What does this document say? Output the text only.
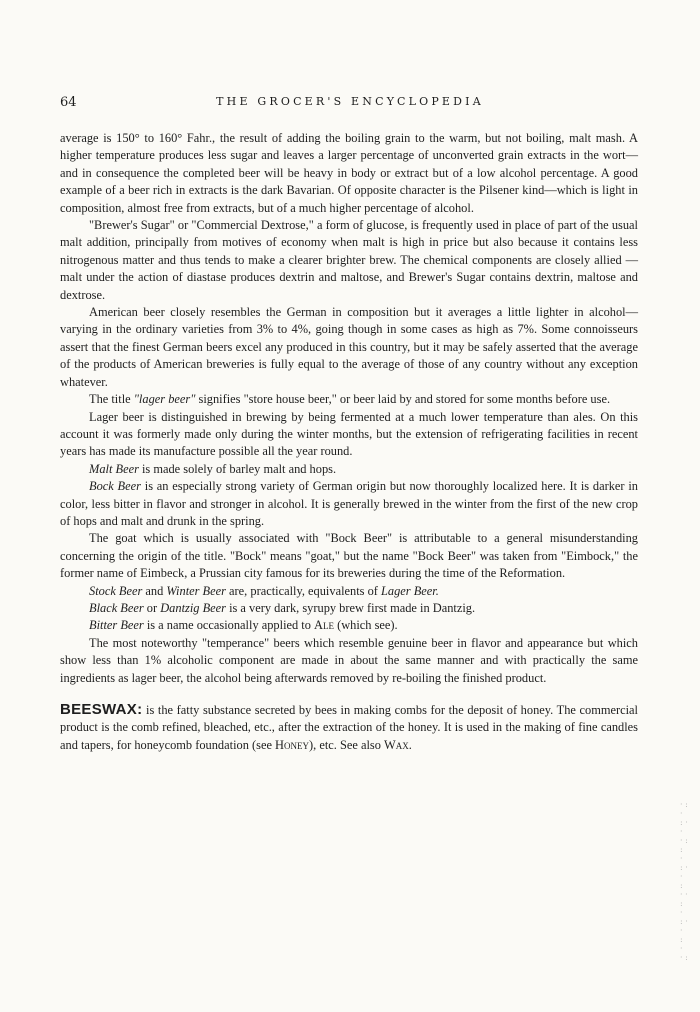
64	THE GROCER'S ENCYCLOPEDIA

average is 150° to 160° Fahr., the result of adding the boiling grain to the warm, but not boiling, malt mash. A higher temperature produces less sugar and leaves a larger percentage of unconverted grain extracts in the wort—and in consequence the completed beer will be heavy in body or extract but of a low alcohol percentage. A good example of a beer rich in extracts is the dark Bavarian. Of opposite character is the Pilsener kind—which is light in composition, almost free from extracts, but of a much higher percentage of alcohol.

"Brewer's Sugar" or "Commercial Dextrose," a form of glucose, is frequently used in place of part of the usual malt addition, principally from motives of economy when malt is high in price but also because it contains less nitrogenous matter and thus tends to make a clearer brighter brew. The chemical components are closely allied —malt under the action of diastase produces dextrin and maltose, and Brewer's Sugar contains dextrin, maltose and dextrose.

American beer closely resembles the German in composition but it averages a little lighter in alcohol—varying in the ordinary varieties from 3% to 4%, going though in some cases as high as 7%. Some connoisseurs assert that the finest German beers excel any produced in this country, but it may be safely asserted that the average of the products of American breweries is fully equal to the average of those of any country without any exception whatever.

The title "lager beer" signifies "store house beer," or beer laid by and stored for some months before use.

Lager beer is distinguished in brewing by being fermented at a much lower temperature than ales. On this account it was formerly made only during the winter months, but the extension of refrigerating facilities in recent years has made its manufacture possible all the year round.

Malt Beer is made solely of barley malt and hops.

Bock Beer is an especially strong variety of German origin but now thoroughly localized here. It is darker in color, less bitter in flavor and stronger in alcohol. It is generally brewed in the winter from the first of the new crop of hops and malt and drunk in the spring.

The goat which is usually associated with "Bock Beer" is attributable to a general misunderstanding concerning the origin of the title. "Bock" means "goat," but the name "Bock Beer" was taken from "Eimbock," the former name of Eimbeck, a Prussian city famous for its breweries during the time of the Reformation.

Stock Beer and Winter Beer are, practically, equivalents of Lager Beer.

Black Beer or Dantzig Beer is a very dark, syrupy brew first made in Dantzig.

Bitter Beer is a name occasionally applied to Ale (which see).

The most noteworthy "temperance" beers which resemble genuine beer in flavor and appearance but which show less than 1% alcoholic component are made in about the same manner and with practically the same ingredients as lager beer, the alcohol being afterwards removed by re-boiling the finished product.

BEESWAX: is the fatty substance secreted by bees in making combs for the deposit of honey. The commercial product is the comb refined, bleached, etc., after the extraction of the honey. It is used in the making of fine candles and tapers, for honeycomb foundation (see Honey), etc. See also Wax.

· :
·
: ·
·
· :
:
·
: ·
·
:
· ·
:
·
: ·
·
:
·
· :
